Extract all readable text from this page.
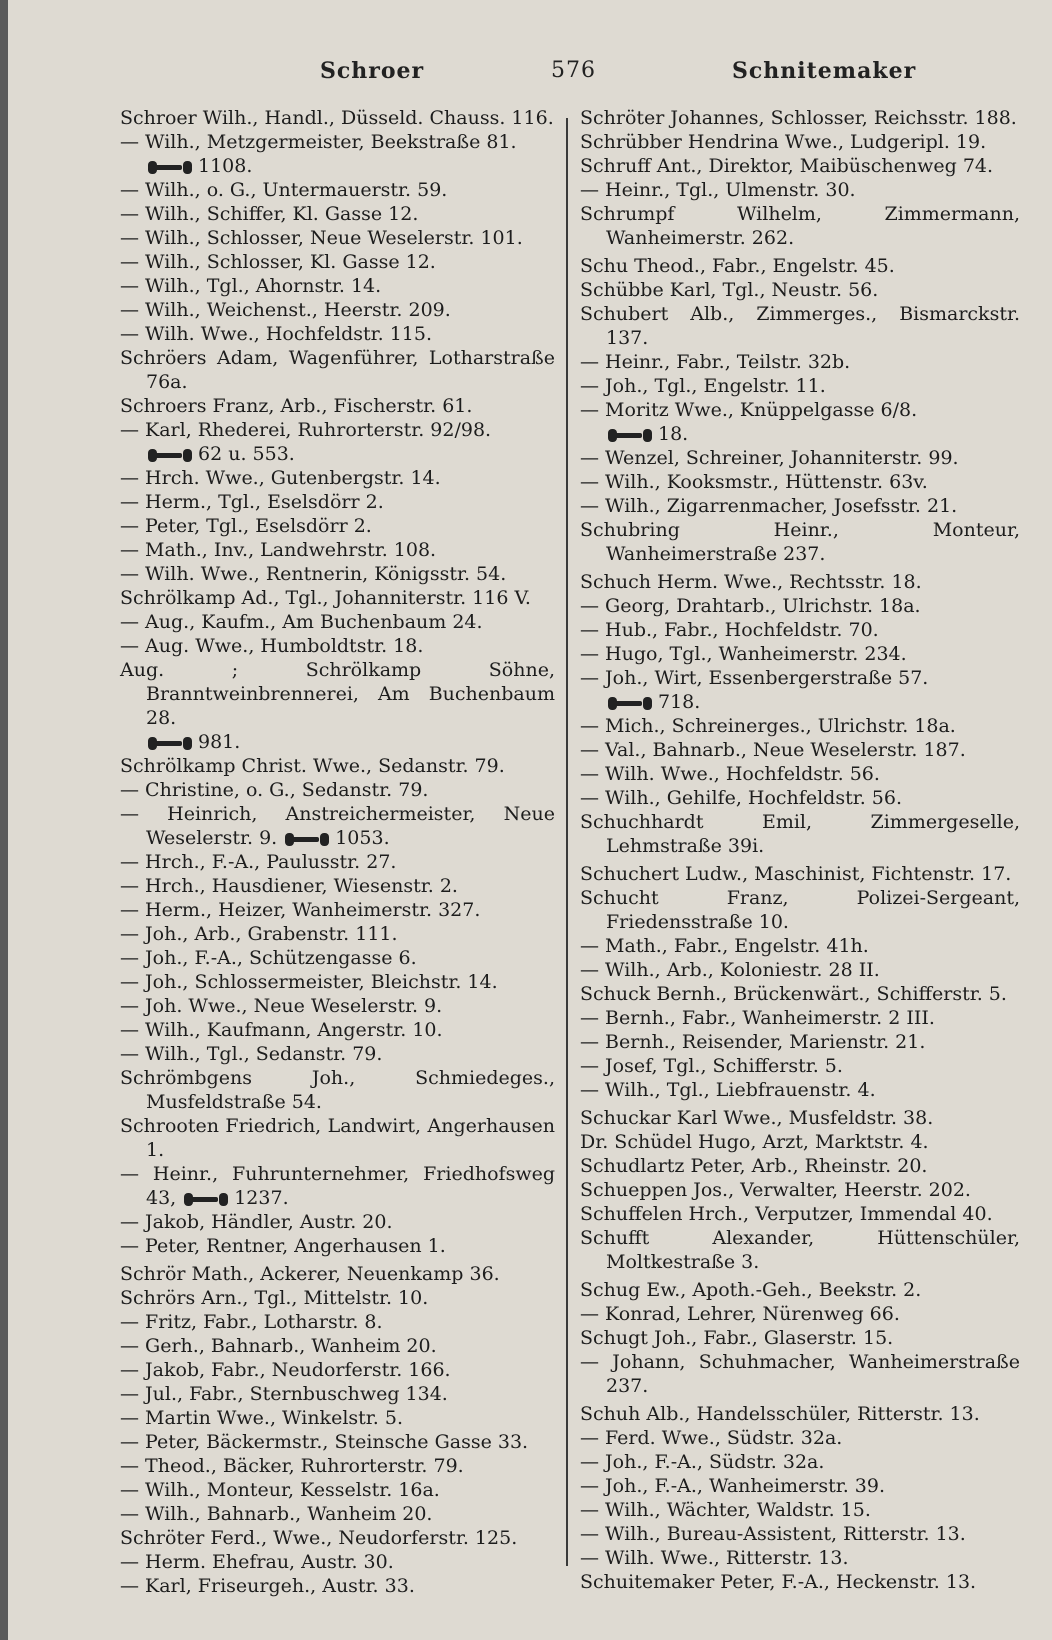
Schroer	576	Schnitemaker

Schroer Wilh., Handl., Düsseld. Chauss. 116.

— Wilh., Metzgermeister, Beekstraße 81.

1108.

— Wilh., o. G., Untermauerstr. 59.

— Wilh., Schiffer, Kl. Gasse 12.

— Wilh., Schlosser, Neue Weselerstr. 101.

— Wilh., Schlosser, Kl. Gasse 12.

— Wilh., Tgl., Ahornstr. 14.

— Wilh., Weichenst., Heerstr. 209.

— Wilh. Wwe., Hochfeldstr. 115.

Schröers Adam, Wagenführer, Lotharstraße 76a.

Schroers Franz, Arb., Fischerstr. 61.

— Karl, Rhederei, Ruhrorterstr. 92/98.

62 u. 553.

— Hrch. Wwe., Gutenbergstr. 14.

— Herm., Tgl., Eselsdörr 2.

— Peter, Tgl., Eselsdörr 2.

— Math., Inv., Landwehrstr. 108.

— Wilh. Wwe., Rentnerin, Königsstr. 54.

Schrölkamp Ad., Tgl., Johanniterstr. 116 V.

— Aug., Kaufm., Am Buchenbaum 24.

— Aug. Wwe., Humboldtstr. 18.

Aug. ; Schrölkamp Söhne, Branntweinbrennerei, Am Buchenbaum 28.

981.

Schrölkamp Christ. Wwe., Sedanstr. 79.

— Christine, o. G., Sedanstr. 79.

— Heinrich, Anstreichermeister, Neue Weselerstr. 9.	1053.

— Hrch., F.-A., Paulusstr. 27.

— Hrch., Hausdiener, Wiesenstr. 2.

— Herm., Heizer, Wanheimerstr. 327.

— Joh., Arb., Grabenstr. 111.

— Joh., F.-A., Schützengasse 6.

— Joh., Schlossermeister, Bleichstr. 14.

— Joh. Wwe., Neue Weselerstr. 9.

— Wilh., Kaufmann, Angerstr. 10.

— Wilh., Tgl., Sedanstr. 79.

Schrömbgens Joh., Schmiedeges., Musfeldstraße 54.

Schrooten Friedrich, Landwirt, Angerhausen 1.

— Heinr., Fuhrunternehmer, Friedhofsweg 43,	1237.

— Jakob, Händler, Austr. 20.

— Peter, Rentner, Angerhausen 1.

Schrör Math., Ackerer, Neuenkamp 36.

Schrörs Arn., Tgl., Mittelstr. 10.

— Fritz, Fabr., Lotharstr. 8.

— Gerh., Bahnarb., Wanheim 20.

— Jakob, Fabr., Neudorferstr. 166.

— Jul., Fabr., Sternbuschweg 134.

— Martin Wwe., Winkelstr. 5.

— Peter, Bäckermstr., Steinsche Gasse 33.

— Theod., Bäcker, Ruhrorterstr. 79.

— Wilh., Monteur, Kesselstr. 16a.

— Wilh., Bahnarb., Wanheim 20.

Schröter Ferd., Wwe., Neudorferstr. 125.

— Herm. Ehefrau, Austr. 30.

— Karl, Friseurgeh., Austr. 33.

Schröter Johannes, Schlosser, Reichsstr. 188.

Schrübber Hendrina Wwe., Ludgeripl. 19.

Schruff Ant., Direktor, Maibüschenweg 74.

— Heinr., Tgl., Ulmenstr. 30.

Schrumpf Wilhelm, Zimmermann, Wanheimerstr. 262.

Schu Theod., Fabr., Engelstr. 45.

Schübbe Karl, Tgl., Neustr. 56.

Schubert Alb., Zimmerges., Bismarckstr. 137.

— Heinr., Fabr., Teilstr. 32b.

— Joh., Tgl., Engelstr. 11.

— Moritz Wwe., Knüppelgasse 6/8.

18.

— Wenzel, Schreiner, Johanniterstr. 99.

— Wilh., Kooksmstr., Hüttenstr. 63v.

— Wilh., Zigarrenmacher, Josefsstr. 21.

Schubring Heinr., Monteur, Wanheimerstraße 237.

Schuch Herm. Wwe., Rechtsstr. 18.

— Georg, Drahtarb., Ulrichstr. 18a.

— Hub., Fabr., Hochfeldstr. 70.

— Hugo, Tgl., Wanheimerstr. 234.

— Joh., Wirt, Essenbergerstraße 57.

718.

— Mich., Schreinerges., Ulrichstr. 18a.

— Val., Bahnarb., Neue Weselerstr. 187.

— Wilh. Wwe., Hochfeldstr. 56.

— Wilh., Gehilfe, Hochfeldstr. 56.

Schuchhardt Emil, Zimmergeselle, Lehmstraße 39i.

Schuchert Ludw., Maschinist, Fichtenstr. 17.

Schucht Franz, Polizei-Sergeant, Friedensstraße 10.

— Math., Fabr., Engelstr. 41h.

— Wilh., Arb., Koloniestr. 28 II.

Schuck Bernh., Brückenwärt., Schifferstr. 5.

— Bernh., Fabr., Wanheimerstr. 2 III.

— Bernh., Reisender, Marienstr. 21.

— Josef, Tgl., Schifferstr. 5.

— Wilh., Tgl., Liebfrauenstr. 4.

Schuckar Karl Wwe., Musfeldstr. 38.

Dr. Schüdel Hugo, Arzt, Marktstr. 4.

Schudlartz Peter, Arb., Rheinstr. 20.

Schueppen Jos., Verwalter, Heerstr. 202.

Schuffelen Hrch., Verputzer, Immendal 40.

Schufft Alexander, Hüttenschüler, Moltkestraße 3.

Schug Ew., Apoth.-Geh., Beekstr. 2.

— Konrad, Lehrer, Nürenweg 66.

Schugt Joh., Fabr., Glaserstr. 15.

— Johann, Schuhmacher, Wanheimerstraße 237.

Schuh Alb., Handelsschüler, Ritterstr. 13.

— Ferd. Wwe., Südstr. 32a.

— Joh., F.-A., Südstr. 32a.

— Joh., F.-A., Wanheimerstr. 39.

— Wilh., Wächter, Waldstr. 15.

— Wilh., Bureau-Assistent, Ritterstr. 13.

— Wilh. Wwe., Ritterstr. 13.

Schuitemaker Peter, F.-A., Heckenstr. 13.
